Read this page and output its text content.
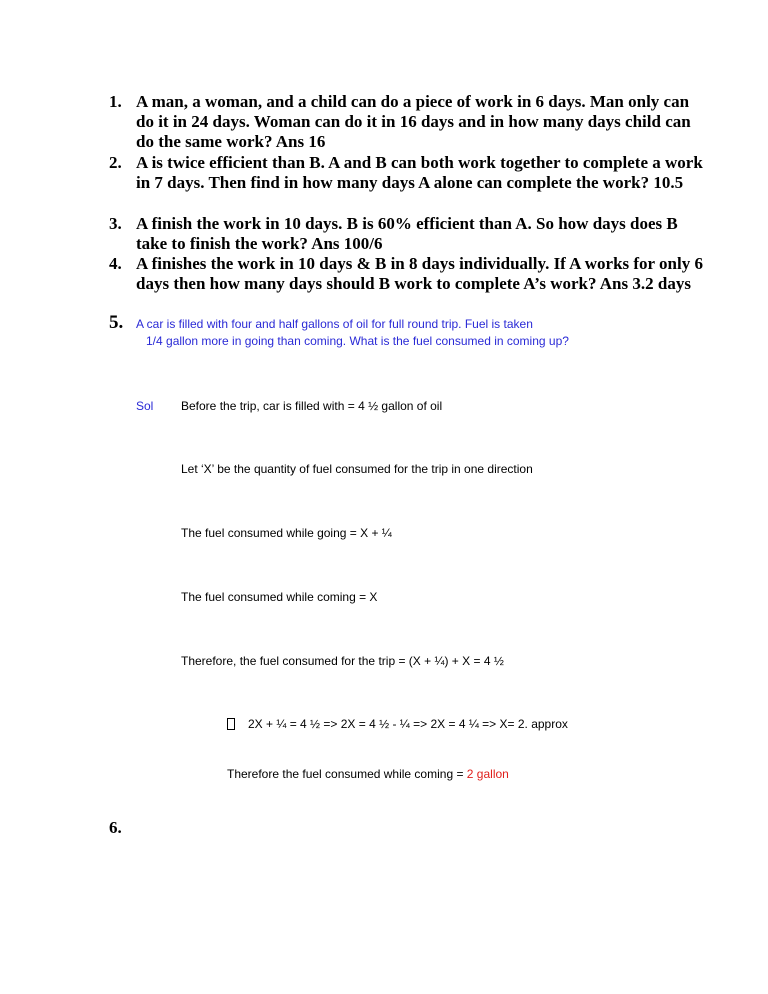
1. A man, a woman, and a child can do a piece of work in 6 days. Man only can do it in 24 days. Woman can do it in 16 days and in how many days child can do the same work? Ans 16
2. A is twice efficient than B. A and B can both work together to complete a work in 7 days. Then find in how many days A alone can complete the work? 10.5
3. A finish the work in 10 days. B is 60% efficient than A. So how days does B take to finish the work? Ans 100/6
4. A finishes the work in 10 days & B in 8 days individually. If A works for only 6 days then how many days should B work to complete A’s work? Ans 3.2 days
5. A car is filled with four and half gallons of oil for full round trip. Fuel is taken
1/4 gallon more in going than coming. What is the fuel consumed in coming up?
Sol Before the trip, car is filled with = 4 ½ gallon of oil
Let ‘X’ be the quantity of fuel consumed for the trip in one direction
The fuel consumed while going = X + ¼
The fuel consumed while coming = X
Therefore, the fuel consumed for the trip = (X + ¼) + X = 4 ½
2X + ¼ = 4 ½ => 2X = 4 ½ - ¼ => 2X = 4 ¼ => X= 2. approx
Therefore the fuel consumed while coming = 2 gallon
6.
